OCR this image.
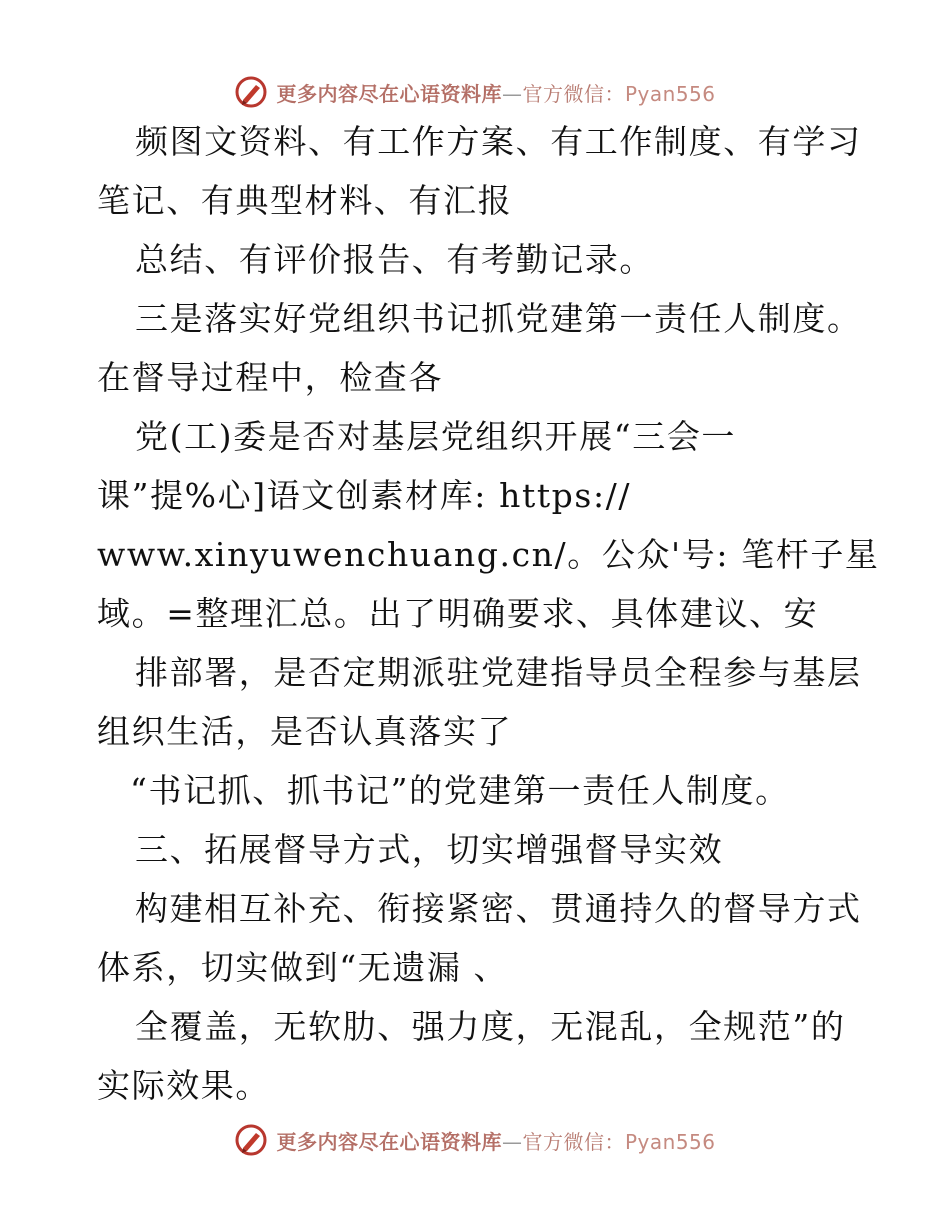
更多内容尽在心语资料库—官方微信：Pyan556
频图文资料、有工作方案、有工作制度、有学习
笔记、有典型材料、有汇报
总结、有评价报告、有考勤记录。
三是落实好党组织书记抓党建第一责任人制度。
在督导过程中，检查各
党(工)委是否对基层党组织开展“三会一
课”提%心]语文创素材库: https://
www.xinyuwenchuang.cn/。公众'号: 笔杆子星
域。=整理汇总。出了明确要求、具体建议、安
排部署，是否定期派驻党建指导员全程参与基层
组织生活，是否认真落实了
“书记抓、抓书记”的党建第一责任人制度。
三、拓展督导方式，切实增强督导实效
构建相互补充、衔接紧密、贯通持久的督导方式
体系，切实做到“无遗漏 、
全覆盖，无软肋、强力度，无混乱，全规范”的
实际效果。
更多内容尽在心语资料库—官方微信：Pyan556
